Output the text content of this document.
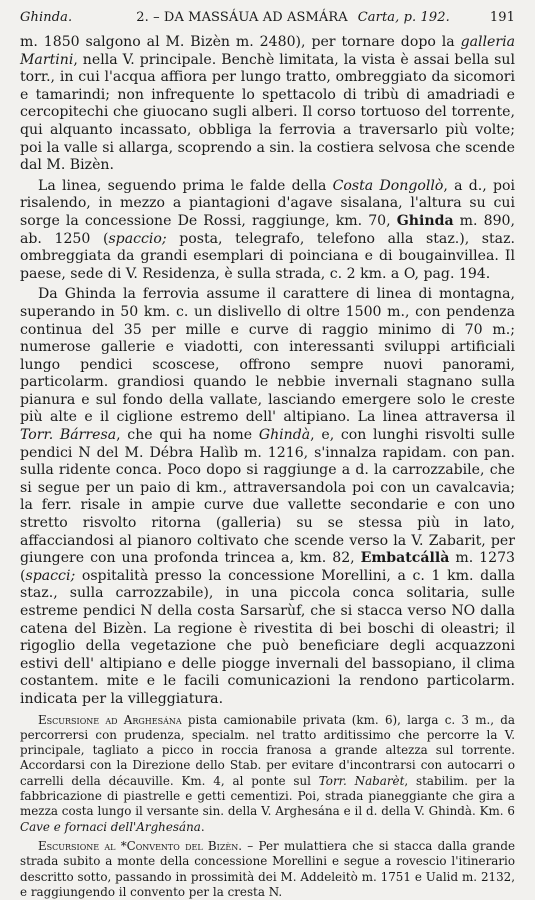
Ghinda.	2. – DA MASSÁUA AD ASMÁRA Carta, p. 192.	191

m. 1850 salgono al M. Bizèn m. 2480), per tornare dopo la galleria Martini, nella V. principale. Benchè limitata, la vista è assai bella sul torr., in cui l'acqua affiora per lungo tratto, ombreggiato da sicomori e tamarindi; non infrequente lo spettacolo di tribù di amadriadi e cercopitechi che giuocano sugli alberi. Il corso tortuoso del torrente, qui alquanto incassato, obbliga la ferrovia a traversarlo più volte; poi la valle si allarga, scoprendo a sin. la costiera selvosa che scende dal M. Bizèn.

La linea, seguendo prima le falde della Costa Dongollò, a d., poi risalendo, in mezzo a piantagioni d'agave sisalana, l'altura su cui sorge la concessione De Rossi, raggiunge, km. 70, Ghinda m. 890, ab. 1250 (spaccio; posta, telegrafo, telefono alla staz.), staz. ombreggiata da grandi esemplari di poinciana e di bougainvillea. Il paese, sede di V. Residenza, è sulla strada, c. 2 km. a O, pag. 194.

Da Ghinda la ferrovia assume il carattere di linea di montagna, superando in 50 km. c. un dislivello di oltre 1500 m., con pendenza continua del 35 per mille e curve di raggio minimo di 70 m.; numerose gallerie e viadotti, con interessanti sviluppi artificiali lungo pendici scoscese, offrono sempre nuovi panorami, particolarm. grandiosi quando le nebbie invernali stagnano sulla pianura e sul fondo della vallate, lasciando emergere solo le creste più alte e il ciglione estremo dell' altipiano. La linea attraversa il Torr. Bárresa, che qui ha nome Ghindà, e, con lunghi risvolti sulle pendici N del M. Débra Halìb m. 1216, s'innalza rapidam. con pan. sulla ridente conca. Poco dopo si raggiunge a d. la carrozzabile, che si segue per un paio di km., attraversandola poi con un cavalcavia; la ferr. risale in ampie curve due vallette secondarie e con uno stretto risvolto ritorna (galleria) su se stessa più in lato, affacciandosi al pianoro coltivato che scende verso la V. Zabarit, per giungere con una profonda trincea a, km. 82, Embatcállà m. 1273 (spacci; ospitalità presso la concessione Morellini, a c. 1 km. dalla staz., sulla carrozzabile), in una piccola conca solitaria, sulle estreme pendici N della costa Sarsarùf, che si stacca verso NO dalla catena del Bizèn. La regione è rivestita di bei boschi di oleastri; il rigoglio della vegetazione che può beneficiare degli acquazzoni estivi dell' altipiano e delle piogge invernali del bassopiano, il clima costantem. mite e le facili comunicazioni la rendono particolarm. indicata per la villeggiatura.

Escursione ad Arghesána pista camionabile privata (km. 6), larga c. 3 m., da percorrersi con prudenza, specialm. nel tratto arditissimo che percorre la V. principale, tagliato a picco in roccia franosa a grande altezza sul torrente. Accordarsi con la Direzione dello Stab. per evitare d'incontrarsi con autocarri o carrelli della décauville. Km. 4, al ponte sul Torr. Nabarèt, stabilim. per la fabbricazione di piastrelle e getti cementizi. Poi, strada pianeggiante che gira a mezza costa lungo il versante sin. della V. Arghesána e il d. della V. Ghindà. Km. 6 Cave e fornaci dell'Arghesána.

Escursione al *Convento del Bizèn. – Per mulattiera che si stacca dalla grande strada subito a monte della concessione Morellini e segue a rovescio l'itinerario descritto sotto, passando in prossimità dei M. Addeleitò m. 1751 e Ualid m. 2132, e raggiungendo il convento per la cresta N.
